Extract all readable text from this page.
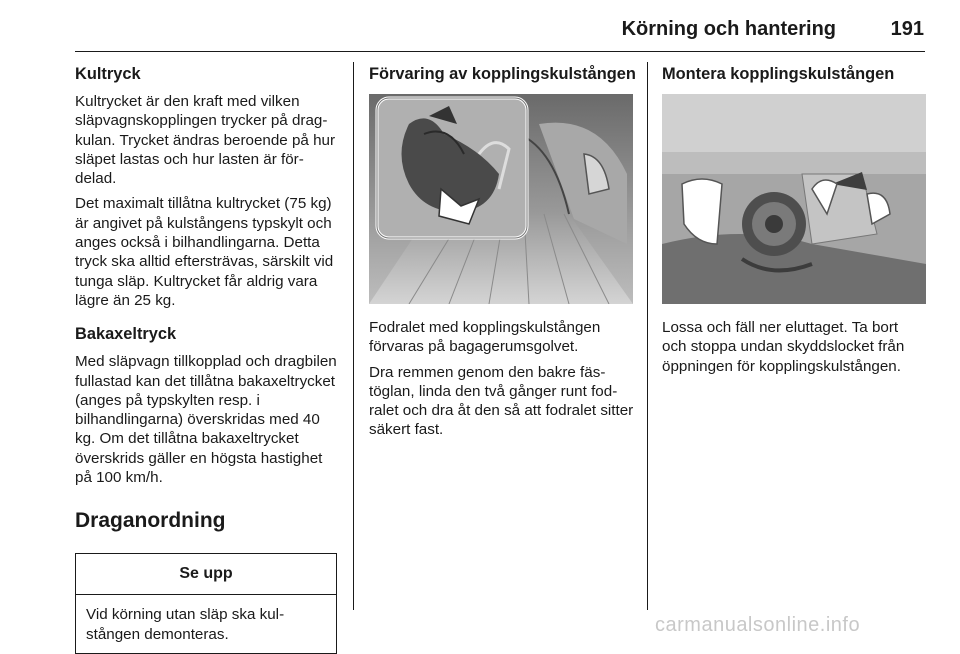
Körning och hantering	191
Kultryck

Kultrycket är den kraft med vilken släpvagnskopplingen trycker på dragkulan. Trycket ändras beroende på hur släpet lastas och hur lasten är fördelad.

Det maximalt tillåtna kultrycket (75 kg) är angivet på kulstångens typskylt och anges också i bilhandlingarna. Detta tryck ska alltid eftersträvas, särskilt vid tunga släp. Kultrycket får aldrig vara lägre än 25 kg.

Bakaxeltryck

Med släpvagn tillkopplad och dragbilen fullastad kan det tillåtna bakaxeltrycket (anges på typskylten resp. i bilhandlingarna) överskridas med 40 kg. Om det tillåtna bakaxeltrycket överskrids gäller en högsta hastighet på 100 km/h.

Draganordning
Se upp
Vid körning utan släp ska kulstången demonteras.
Förvaring av kopplingskulstången

Fodralet med kopplingskulstången förvaras på bagagerumsgolvet.

Dra remmen genom den bakre fästöglan, linda den två gånger runt fodralet och dra åt den så att fodralet sitter säkert fast.

Montera kopplingskulstången

Lossa och fäll ner eluttaget. Ta bort och stoppa undan skyddslocket från öppningen för kopplingskulstången.

carmanualsonline.info
